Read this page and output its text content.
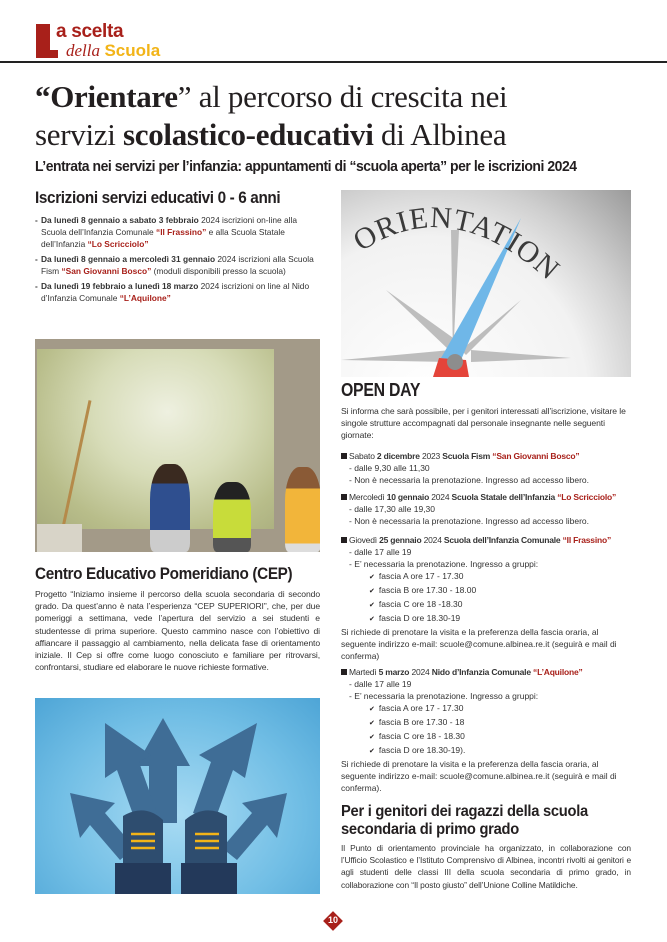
a scelta
della Scuola
“Orientare” al percorso di crescita nei
servizi scolastico-educativi di Albinea
L’entrata nei servizi per l’infanzia: appuntamenti di “scuola aperta” per le iscrizioni 2024
Iscrizioni servizi educativi 0 - 6 anni
- Da lunedì 8 gennaio a sabato 3 febbraio 2024 iscrizioni on-line alla Scuola dell’Infanzia Comunale “Il Frassino” e alla Scuola Statale dell’Infanzia “Lo Scricciolo”
- Da lunedì 8 gennaio a mercoledì 31 gennaio 2024 iscrizioni alla Scuola Fism “San Giovanni Bosco” (moduli disponibili presso la scuola)
- Da lunedì 19 febbraio a lunedì 18 marzo 2024 iscrizioni on line al Nido d’Infanzia Comunale “L’Aquilone”
Centro Educativo Pomeridiano (CEP)

Progetto “Iniziamo insieme il percorso della scuola secondaria di secondo grado. Da quest’anno è nata l’esperienza “CEP SUPERIORI”, che, per due pomeriggi a settimana, vede l’apertura del servizio a sei studenti e studentesse di prima superiore. Questo cammino nasce con l’obiettivo di affiancare il passaggio al cambiamento, nella delicata fase di orientamento iniziale. Il Cep si offre come luogo conosciuto e familiare per ritrovarsi, confrontarsi, studiare ed elaborare le nuove richieste formative.

ORIENTATION
OPEN DAY

Si informa che sarà possibile, per i genitori interessati all’iscrizione, visitare le singole strutture accompagnati dal personale insegnante nelle seguenti giornate:

Sabato 2 dicembre 2023 Scuola Fism “San Giovanni Bosco”
- dalle 9,30 alle 11,30
- Non è necessaria la prenotazione. Ingresso ad accesso libero.
Mercoledì 10 gennaio 2024 Scuola Statale dell’Infanzia “Lo Scricciolo”
- dalle 17,30 alle 19,30
- Non è necessaria la prenotazione. Ingresso ad accesso libero.
Giovedì 25 gennaio 2024 Scuola dell’Infanzia Comunale “Il Frassino”
- dalle 17 alle 19
- E’ necessaria la prenotazione. Ingresso a gruppi:
✔ fascia A ore 17 - 17.30
✔ fascia B ore 17.30 - 18.00
✔ fascia C ore 18 -18.30
✔ fascia D ore 18.30-19
Si richiede di prenotare la visita e la preferenza della fascia oraria, al seguente indirizzo e-mail: scuole@comune.albinea.re.it (seguirà e mail di conferma)
Martedì 5 marzo 2024 Nido d’Infanzia Comunale “L’Aquilone”
- dalle 17 alle 19
- E’ necessaria la prenotazione. Ingresso a gruppi:
✔ fascia A ore 17 - 17.30
✔ fascia B ore 17.30 - 18
✔ fascia C ore 18 - 18.30
✔ fascia D ore 18.30-19).
Si richiede di prenotare la visita e la preferenza della fascia oraria, al seguente indirizzo e-mail: scuole@comune.albinea.re.it (seguirà e mail di conferma).
Per i genitori dei ragazzi della scuola secondaria di primo grado

Il Punto di orientamento provinciale ha organizzato, in collaborazione con l’Ufficio Scolastico e l’Istituto Comprensivo di Albinea, incontri rivolti ai genitori e agli studenti delle classi III della scuola secondaria di primo grado, in collaborazione con “Il posto giusto” dell’Unione Colline Matildiche.

10
